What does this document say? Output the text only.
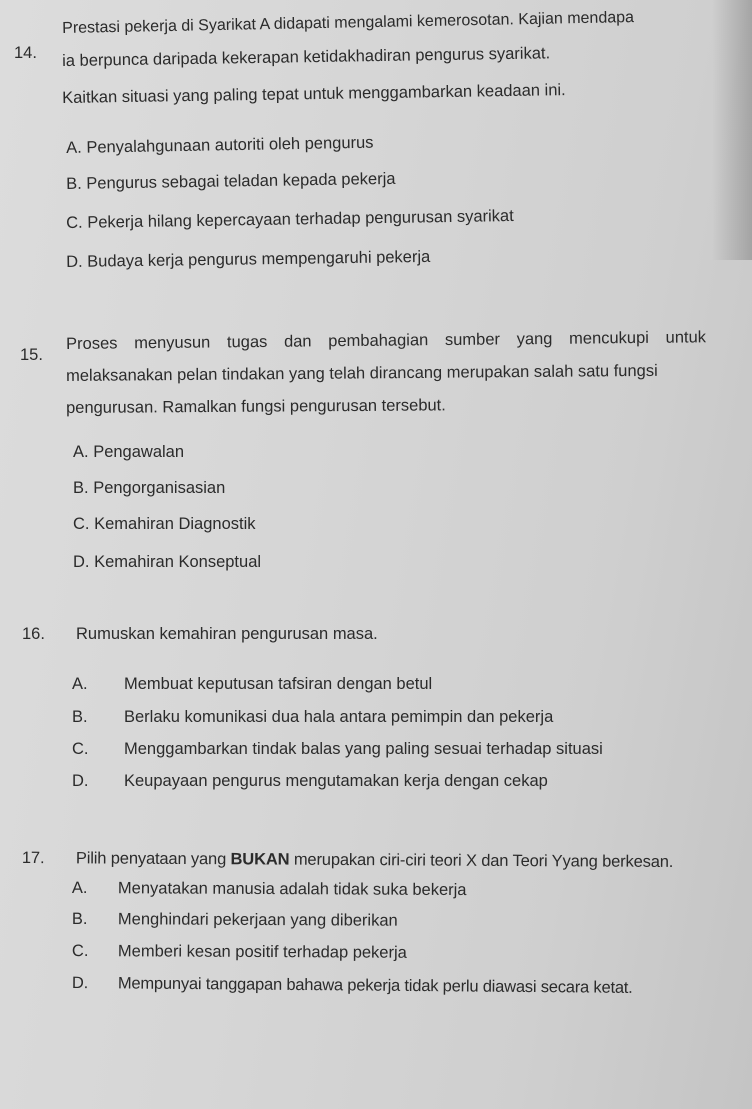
14.
Prestasi pekerja di Syarikat A didapati mengalami kemerosotan. Kajian mendapa
ia berpunca daripada kekerapan ketidakhadiran pengurus syarikat.
Kaitkan situasi yang paling tepat untuk menggambarkan keadaan ini.
A. Penyalahgunaan autoriti oleh pengurus
B. Pengurus sebagai teladan kepada pekerja
C. Pekerja hilang kepercayaan terhadap pengurusan syarikat
D. Budaya kerja pengurus mempengaruhi pekerja
15.
Proses menyusun tugas dan pembahagian sumber yang mencukupi untuk
melaksanakan pelan tindakan yang telah dirancang merupakan salah satu fungsi
pengurusan. Ramalkan fungsi pengurusan tersebut.
A. Pengawalan
B. Pengorganisasian
C. Kemahiran Diagnostik
D. Kemahiran Konseptual
16. Rumuskan kemahiran pengurusan masa.
A. Membuat keputusan tafsiran dengan betul
B. Berlaku komunikasi dua hala antara pemimpin dan pekerja
C. Menggambarkan tindak balas yang paling sesuai terhadap situasi
D. Keupayaan pengurus mengutamakan kerja dengan cekap
17. Pilih penyataan yang BUKAN merupakan ciri-ciri teori X dan Teori Yyang berkesan.
A. Menyatakan manusia adalah tidak suka bekerja
B. Menghindari pekerjaan yang diberikan
C. Memberi kesan positif terhadap pekerja
D. Mempunyai tanggapan bahawa pekerja tidak perlu diawasi secara ketat.
